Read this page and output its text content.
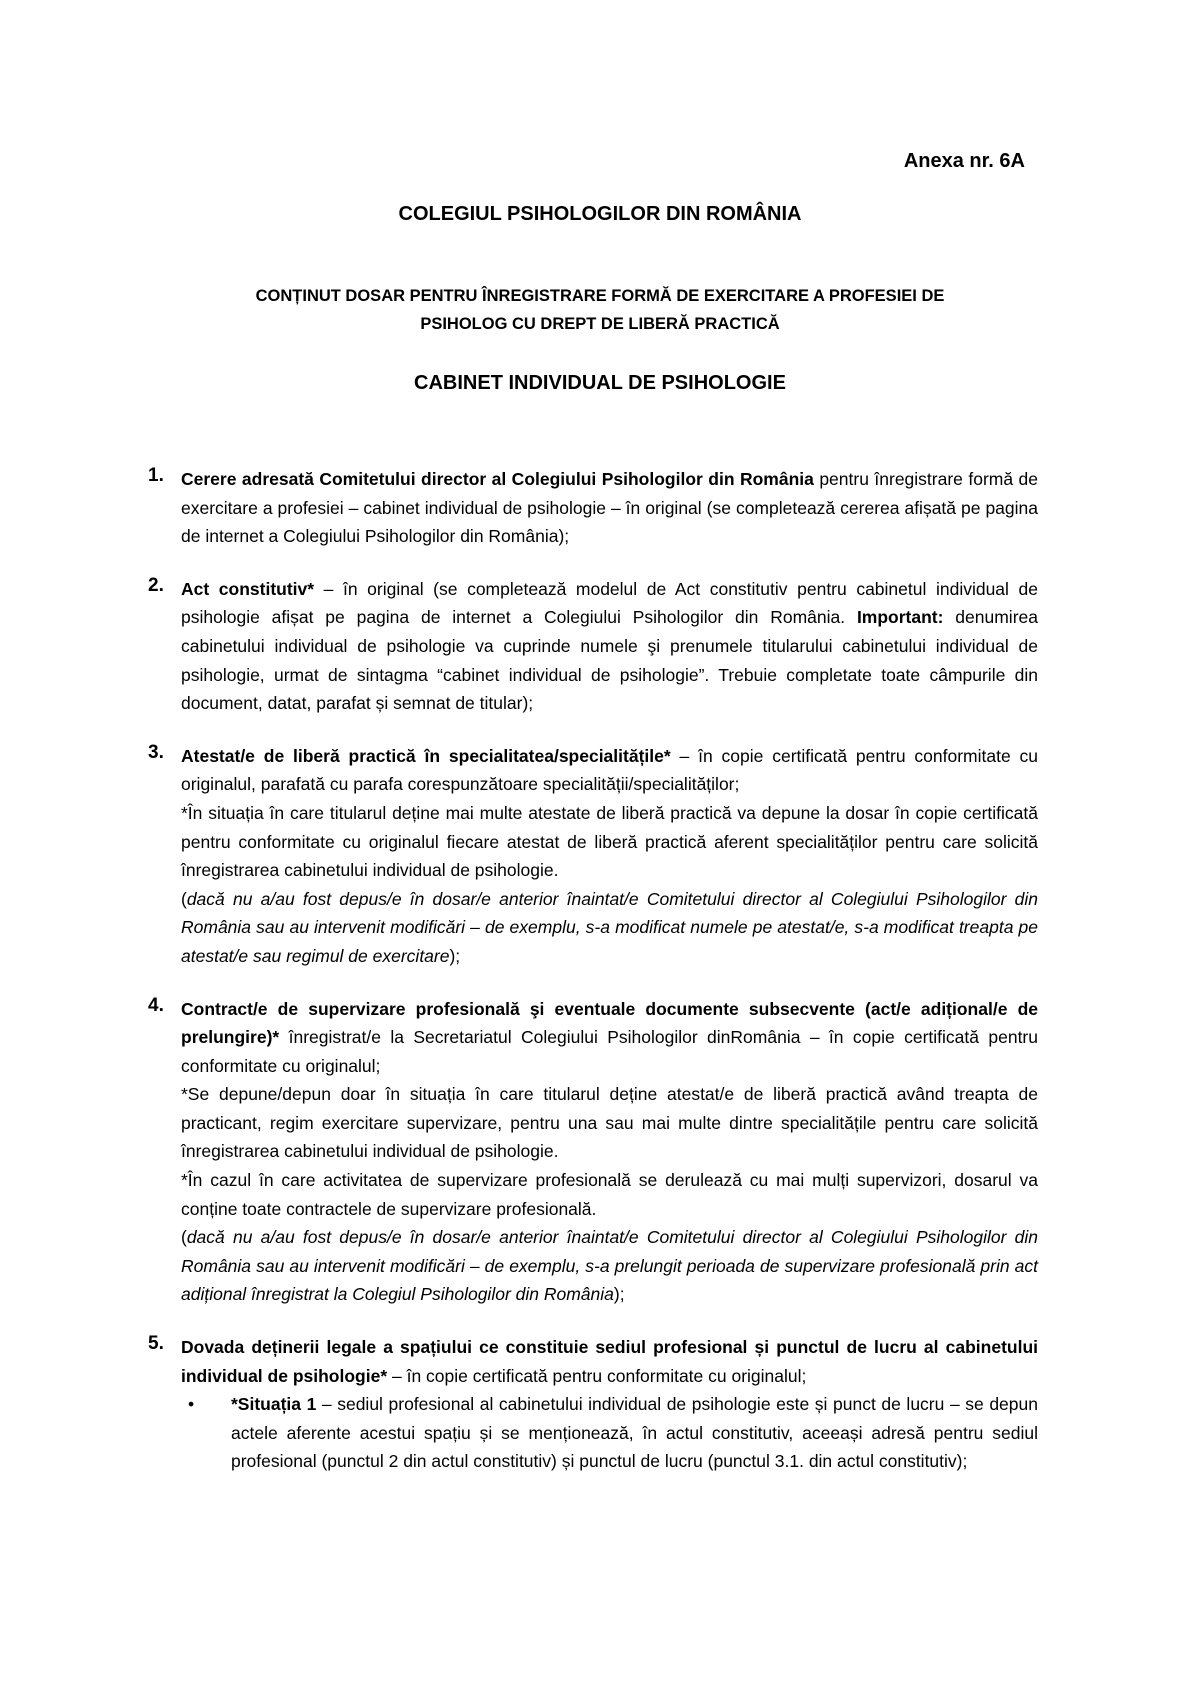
Anexa nr. 6A
COLEGIUL PSIHOLOGILOR DIN ROMÂNIA
CONȚINUT DOSAR PENTRU ÎNREGISTRARE FORMĂ DE EXERCITARE A PROFESIEI DE
PSIHOLOG CU DREPT DE LIBERĂ PRACTICĂ
CABINET INDIVIDUAL DE PSIHOLOGIE
1. Cerere adresată Comitetului director al Colegiului Psihologilor din România pentru înregistrare formă de exercitare a profesiei – cabinet individual de psihologie – în original (se completează cererea afișată pe pagina de internet a Colegiului Psihologilor din România);

2. Act constitutiv* – în original (se completează modelul de Act constitutiv pentru cabinetul individual de psihologie afișat pe pagina de internet a Colegiului Psihologilor din România. Important: denumirea cabinetului individual de psihologie va cuprinde numele şi prenumele titularului cabinetului individual de psihologie, urmat de sintagma “cabinet individual de psihologie”. Trebuie completate toate câmpurile din document, datat, parafat și semnat de titular);

3. Atestat/e de liberă practică în specialitatea/specialitățile* – în copie certificată pentru conformitate cu originalul, parafată cu parafa corespunzătoare specialității/specialităților;

*În situația în care titularul deține mai multe atestate de liberă practică va depune la dosar în copie certificată pentru conformitate cu originalul fiecare atestat de liberă practică aferent specialităților pentru care solicită înregistrarea cabinetului individual de psihologie.

(dacă nu a/au fost depus/e în dosar/e anterior înaintat/e Comitetului director al Colegiului Psihologilor din România sau au intervenit modificări – de exemplu, s-a modificat numele pe atestat/e, s-a modificat treapta pe atestat/e sau regimul de exercitare);

4. Contract/e de supervizare profesională şi eventuale documente subsecvente (act/e adițional/e de prelungire)* înregistrat/e la Secretariatul Colegiului Psihologilor dinRomânia – în copie certificată pentru conformitate cu originalul;

*Se depune/depun doar în situația în care titularul deține atestat/e de liberă practică având treapta de practicant, regim exercitare supervizare, pentru una sau mai multe dintre specialitățile pentru care solicită înregistrarea cabinetului individual de psihologie.

*În cazul în care activitatea de supervizare profesională se derulează cu mai mulți supervizori, dosarul va conține toate contractele de supervizare profesională.

(dacă nu a/au fost depus/e în dosar/e anterior înaintat/e Comitetului director al Colegiului Psihologilor din România sau au intervenit modificări – de exemplu, s-a prelungit perioada de supervizare profesională prin act adițional înregistrat la Colegiul Psihologilor din România);

5. Dovada deținerii legale a spațiului ce constituie sediul profesional și punctul de lucru al cabinetului individual de psihologie* – în copie certificată pentru conformitate cu originalul;

• *Situația 1 – sediul profesional al cabinetului individual de psihologie este și punct de lucru – se depun actele aferente acestui spațiu și se menționează, în actul constitutiv, aceeași adresă pentru sediul profesional (punctul 2 din actul constitutiv) și punctul de lucru (punctul 3.1. din actul constitutiv);
